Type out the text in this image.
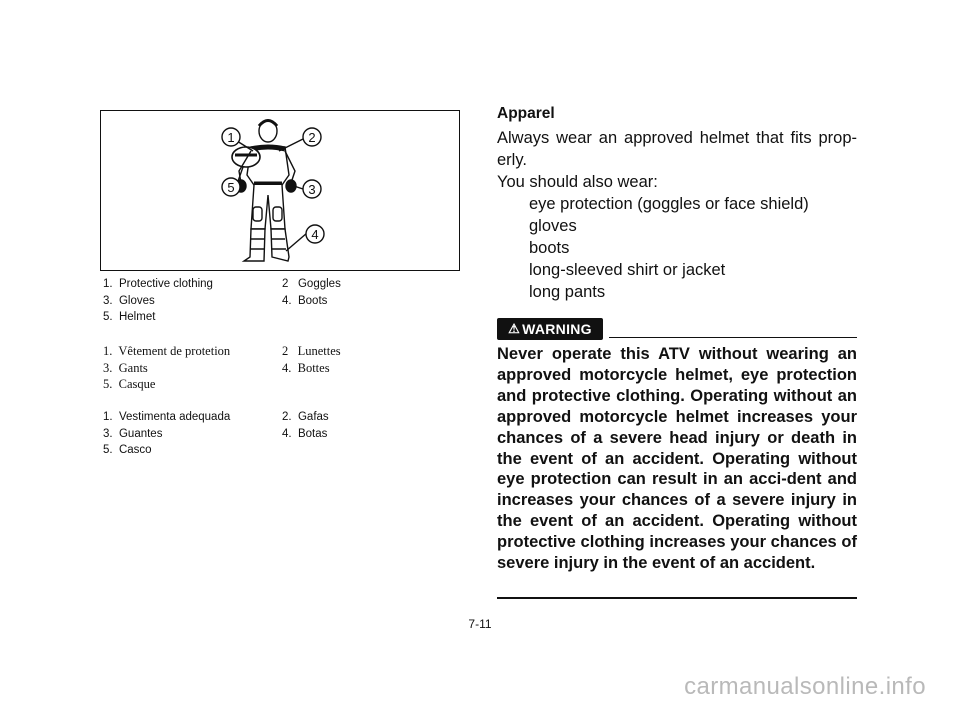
1	2
3
4
5
1.  Protective clothing	2   Goggles
3.  Gloves	4.  Boots
5.  Helmet
1.  Vêtement de protetion	2   Lunettes
3.  Gants	4.  Bottes
5.  Casque
1.  Vestimenta adequada	2.  Gafas
3.  Guantes	4.  Botas
5.  Casco
Apparel

Always wear an approved helmet that fits prop-erly.

You should also wear:

eye protection (goggles or face shield)

gloves

boots

long-sleeved shirt or jacket

long pants

⚠ WARNING
Never operate this ATV without wearing an approved motorcycle helmet, eye protection and protective clothing. Operating without an approved motorcycle helmet increases your chances of a severe head injury or death in the event of an accident. Operating without eye protection can result in an acci-dent and increases your chances of a severe injury in the event of an accident. Operating without protective clothing increases your chances of severe injury in the event of an accident.
7-11
carmanualsonline.info
